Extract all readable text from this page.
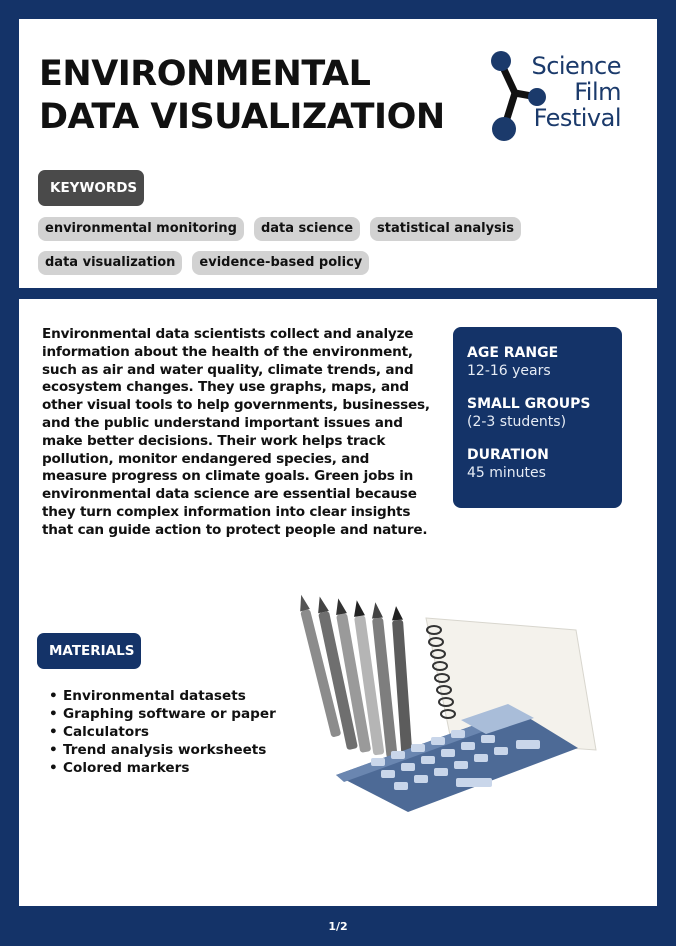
ENVIRONMENTAL
DATA VISUALIZATION
Science
Film
Festival
KEYWORDS
environmental monitoring	data science	statistical analysis
data visualization	evidence-based policy

Environmental data scientists collect and analyze information about the health of the environment, such as air and water quality, climate trends, and ecosystem changes. They use graphs, maps, and other visual tools to help governments, businesses, and the public understand important issues and make better decisions. Their work helps track pollution, monitor endangered species, and measure progress on climate goals. Green jobs in environmental data science are essential because they turn complex information into clear insights that can guide action to protect people and nature.

AGE RANGE
12-16 years
SMALL GROUPS
(2-3 students)
DURATION
45 minutes
MATERIALS
• Environmental datasets
• Graphing software or paper
• Calculators
• Trend analysis worksheets
• Colored markers
1/2
